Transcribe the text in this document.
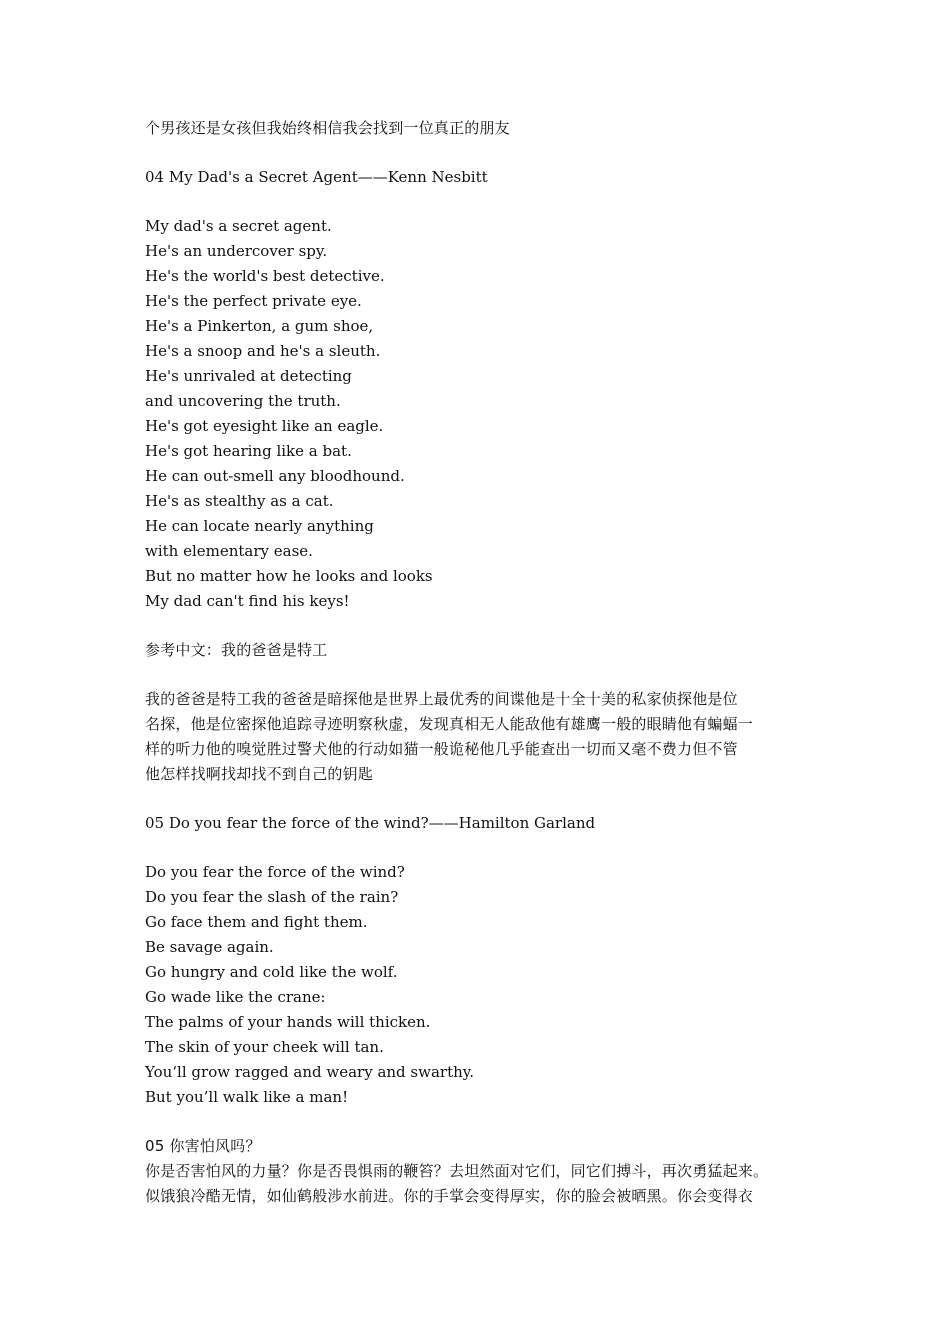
个男孩还是女孩但我始终相信我会找到一位真正的朋友
04 My Dad's a Secret Agent——Kenn Nesbitt
My dad's a secret agent.
He's an undercover spy.
He's the world's best detective.
He's the perfect private eye.
He's a Pinkerton, a gum shoe,
He's a snoop and he's a sleuth.
He's unrivaled at detecting
and uncovering the truth.
He's got eyesight like an eagle.
He's got hearing like a bat.
He can out-smell any bloodhound.
He's as stealthy as a cat.
He can locate nearly anything
with elementary ease.
But no matter how he looks and looks
My dad can't find his keys!
参考中文：我的爸爸是特工
我的爸爸是特工我的爸爸是暗探他是世界上最优秀的间谍他是十全十美的私家侦探他是位
名探，他是位密探他追踪寻迹明察秋虚，发现真相无人能敌他有雄鹰一般的眼睛他有蝙蝠一
样的听力他的嗅觉胜过警犬他的行动如猫一般诡秘他几乎能查出一切而又毫不费力但不管
他怎样找啊找却找不到自己的钥匙
05 Do you fear the force of the wind?——Hamilton Garland
Do you fear the force of the wind?
Do you fear the slash of the rain?
Go face them and fight them.
Be savage again.
Go hungry and cold like the wolf.
Go wade like the crane:
The palms of your hands will thicken.
The skin of your cheek will tan.
You‘ll grow ragged and weary and swarthy.
But you’ll walk like a man!
05 你害怕风吗？
你是否害怕风的力量？你是否畏惧雨的鞭笞？去坦然面对它们，同它们搏斗，再次勇猛起来。
似饿狼冷酷无情，如仙鹤般涉水前进。你的手掌会变得厚实，你的脸会被晒黑。你会变得衣
